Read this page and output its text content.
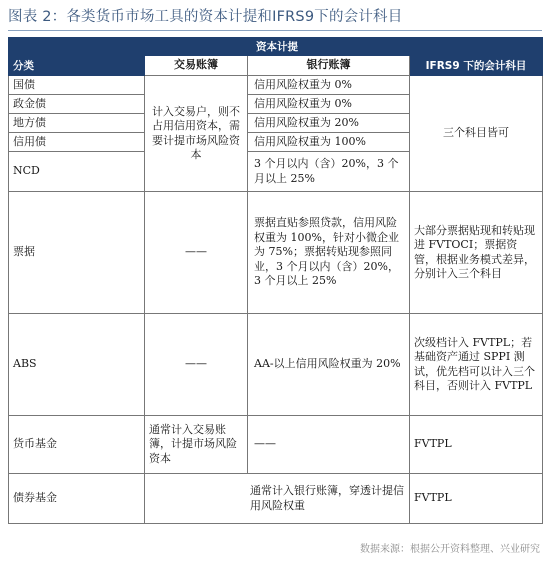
图表 2：各类货币市场工具的资本计提和IFRS9下的会计科目
	资本计提		
分类	交易账簿	银行账簿	IFRS9 下的会计科目
国债	计入交易户，则不占用信用资本，需要计提市场风险资本	信用风险权重为 0%	三个科目皆可
政金债		信用风险权重为 0%	
地方债		信用风险权重为 20%	
信用债		信用风险权重为 100%	
NCD		3 个月以内（含）20%，3 个月以上 25%	
票据	——	票据直贴参照贷款，信用风险权重为 100%，针对小微企业为 75%；票据转贴现参照同业，3 个月以内（含）20%，3 个月以上 25%	大部分票据贴现和转贴现进 FVTOCI；票据资管，根据业务模式差异，分别计入三个科目
ABS	——	AA-以上信用风险权重为 20%	次级档计入 FVTPL；若基础资产通过 SPPI 测试，优先档可以计入三个科目，否则计入 FVTPL
货币基金	通常计入交易账簿，计提市场风险资本	——	FVTPL
债券基金	通常计入银行账簿，穿透计提信用风险权重		FVTPL
数据来源：根据公开资料整理、兴业研究
